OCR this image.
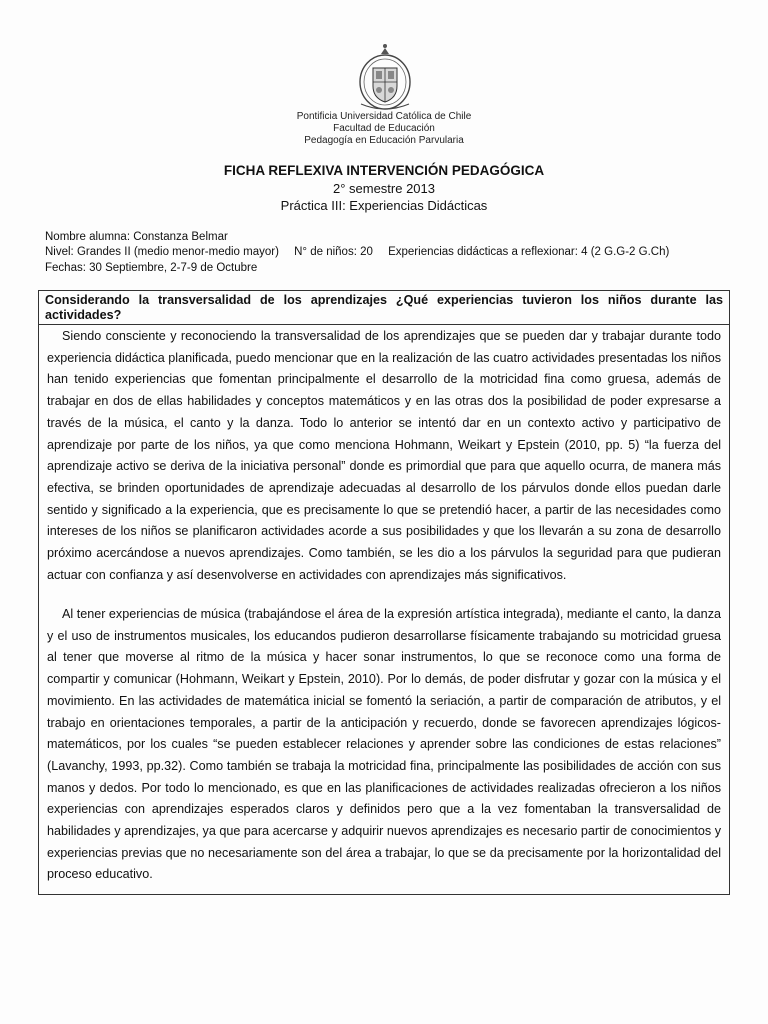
Pontificia Universidad Católica de Chile
Facultad de Educación
Pedagogía en Educación Parvularia
FICHA REFLEXIVA INTERVENCIÓN PEDAGÓGICA
2° semestre 2013
Práctica III: Experiencias Didácticas
Nombre alumna: Constanza Belmar
Nivel: Grandes II (medio menor-medio mayor) N° de niños: 20 Experiencias didácticas a reflexionar: 4 (2 G.G-2 G.Ch)
Fechas: 30 Septiembre, 2-7-9 de Octubre
Considerando la transversalidad de los aprendizajes ¿Qué experiencias tuvieron los niños durante las actividades?
Siendo consciente y reconociendo la transversalidad de los aprendizajes que se pueden dar y trabajar durante todo experiencia didáctica planificada, puedo mencionar que en la realización de las cuatro actividades presentadas los niños han tenido experiencias que fomentan principalmente el desarrollo de la motricidad fina como gruesa, además de trabajar en dos de ellas habilidades y conceptos matemáticos y en las otras dos la posibilidad de poder expresarse a través de la música, el canto y la danza. Todo lo anterior se intentó dar en un contexto activo y participativo de aprendizaje por parte de los niños, ya que como menciona Hohmann, Weikart y Epstein (2010, pp. 5) “la fuerza del aprendizaje activo se deriva de la iniciativa personal” donde es primordial que para que aquello ocurra, de manera más efectiva, se brinden oportunidades de aprendizaje adecuadas al desarrollo de los párvulos donde ellos puedan darle sentido y significado a la experiencia, que es precisamente lo que se pretendió hacer, a partir de las necesidades como intereses de los niños se planificaron actividades acorde a sus posibilidades y que los llevarán a su zona de desarrollo próximo acercándose a nuevos aprendizajes. Como también, se les dio a los párvulos la seguridad para que pudieran actuar con confianza y así desenvolverse en actividades con aprendizajes más significativos.
Al tener experiencias de música (trabajándose el área de la expresión artística integrada), mediante el canto, la danza y el uso de instrumentos musicales, los educandos pudieron desarrollarse físicamente trabajando su motricidad gruesa al tener que moverse al ritmo de la música y hacer sonar instrumentos, lo que se reconoce como una forma de compartir y comunicar (Hohmann, Weikart y Epstein, 2010). Por lo demás, de poder disfrutar y gozar con la música y el movimiento. En las actividades de matemática inicial se fomentó la seriación, a partir de comparación de atributos, y el trabajo en orientaciones temporales, a partir de la anticipación y recuerdo, donde se favorecen aprendizajes lógicos-matemáticos, por los cuales “se pueden establecer relaciones y aprender sobre las condiciones de estas relaciones” (Lavanchy, 1993, pp.32). Como también se trabaja la motricidad fina, principalmente las posibilidades de acción con sus manos y dedos. Por todo lo mencionado, es que en las planificaciones de actividades realizadas ofrecieron a los niños experiencias con aprendizajes esperados claros y definidos pero que a la vez fomentaban la transversalidad de habilidades y aprendizajes, ya que para acercarse y adquirir nuevos aprendizajes es necesario partir de conocimientos y experiencias previas que no necesariamente son del área a trabajar, lo que se da precisamente por la horizontalidad del proceso educativo.
